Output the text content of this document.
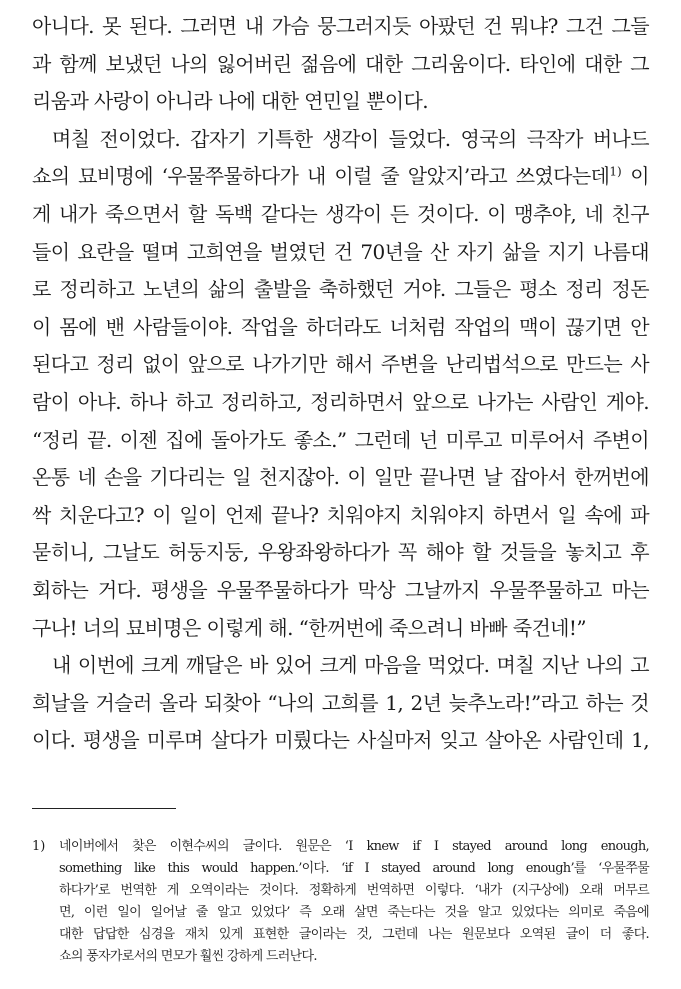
아니다. 못 된다. 그러면 내 가슴 뭉그러지듯 아팠던 건 뭐냐? 그건 그들
과 함께 보냈던 나의 잃어버린 젊음에 대한 그리움이다. 타인에 대한 그
리움과 사랑이 아니라 나에 대한 연민일 뿐이다.

며칠 전이었다. 갑자기 기특한 생각이 들었다. 영국의 극작가 버나드
쇼의 묘비명에 ‘우물쭈물하다가 내 이럴 줄 알았지’라고 쓰였다는데$^{1)}$ 이
게 내가 죽으면서 할 독백 같다는 생각이 든 것이다. 이 맹추야, 네 친구
들이 요란을 떨며 고희연을 벌였던 건 70년을 산 자기 삶을 지기 나름대
로 정리하고 노년의 삶의 출발을 축하했던 거야. 그들은 평소 정리 정돈
이 몸에 밴 사람들이야. 작업을 하더라도 너처럼 작업의 맥이 끊기면 안
된다고 정리 없이 앞으로 나가기만 해서 주변을 난리법석으로 만드는 사
람이 아냐. 하나 하고 정리하고, 정리하면서 앞으로 나가는 사람인 게야.
“정리 끝. 이젠 집에 돌아가도 좋소.” 그런데 넌 미루고 미루어서 주변이
온통 네 손을 기다리는 일 천지잖아. 이 일만 끝나면 날 잡아서 한꺼번에
싹 치운다고? 이 일이 언제 끝나? 치워야지 치워야지 하면서 일 속에 파
묻히니, 그날도 허둥지둥, 우왕좌왕하다가 꼭 해야 할 것들을 놓치고 후
회하는 거다. 평생을 우물쭈물하다가 막상 그날까지 우물쭈물하고 마는
구나! 너의 묘비명은 이렇게 해. “한꺼번에 죽으려니 바빠 죽건네!”

내 이번에 크게 깨달은 바 있어 크게 마음을 먹었다. 며칠 지난 나의 고
희날을 거슬러 올라 되찾아 “나의 고희를 1, 2년 늦추노라!”라고 하는 것
이다. 평생을 미루며 살다가 미뤘다는 사실마저 잊고 살아온 사람인데 1,

1)	네이버에서 찾은 이현수씨의 글이다. 원문은 ‘I knew if I stayed around long enough,
something like this would happen.’이다. ‘if I stayed around long enough’를 ‘우물쭈물
하다가’로 번역한 게 오역이라는 것이다. 정확하게 번역하면 이렇다. ‘내가 (지구상에) 오래 머무르
면, 이런 일이 일어날 줄 알고 있었다’ 즉 오래 살면 죽는다는 것을 알고 있었다는 의미로 죽음에
대한 답답한 심경을 재치 있게 표현한 글이라는 것, 그런데 나는 원문보다 오역된 글이 더 좋다.
쇼의 풍자가로서의 면모가 훨씬 강하게 드러난다.
